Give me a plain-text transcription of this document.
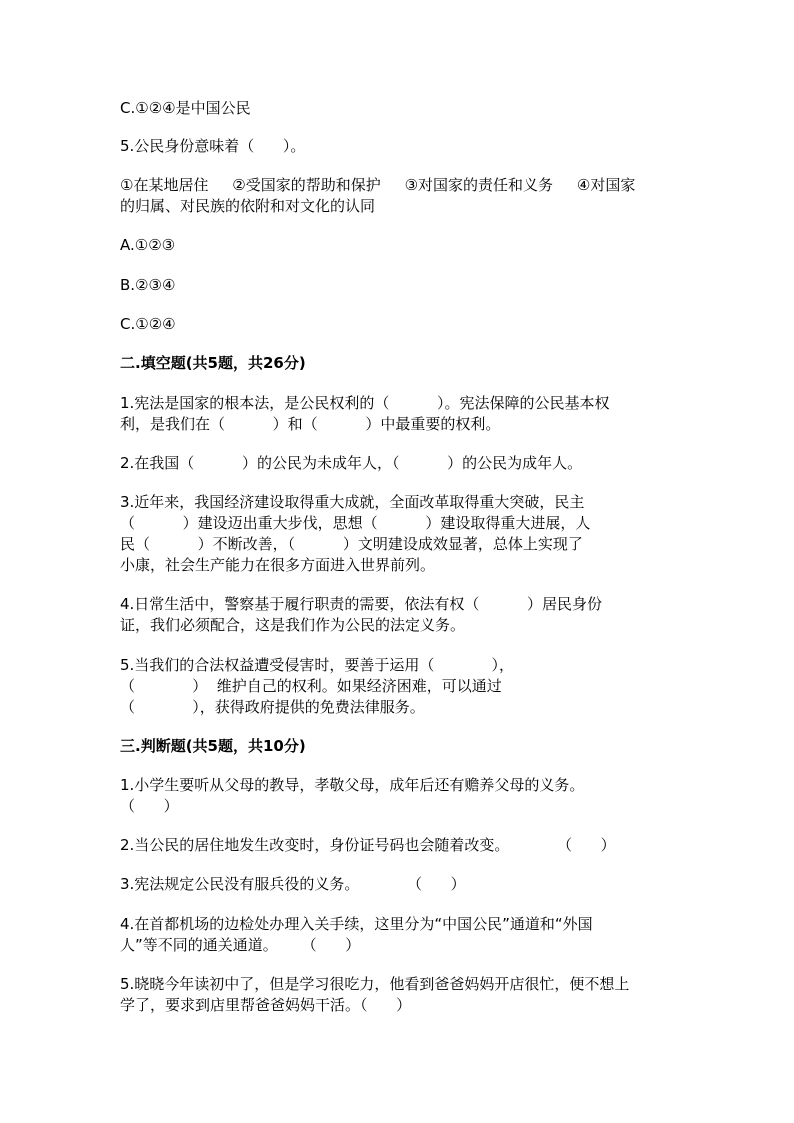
C.①②④是中国公民

5.公民身份意味着（      ）。

①在某地居住     ②受国家的帮助和保护     ③对国家的责任和义务     ④对国家

的归属、对民族的依附和对文化的认同

A.①②③

B.②③④

C.①②④

二.填空题(共5题，共26分)

1.宪法是国家的根本法，是公民权利的（          ）。宪法保障的公民基本权

利，是我们在（          ）和（          ）中最重要的权利。

2.在我国（          ）的公民为未成年人，（          ）的公民为成年人。

3.近年来，我国经济建设取得重大成就，全面改革取得重大突破，民主

（          ）建设迈出重大步伐，思想（          ）建设取得重大进展，人

民（          ）不断改善，（          ）文明建设成效显著，总体上实现了

小康，社会生产能力在很多方面进入世界前列。

4.日常生活中，警察基于履行职责的需要，依法有权（          ）居民身份

证，我们必须配合，这是我们作为公民的法定义务。

5.当我们的合法权益遭受侵害时，要善于运用（            ），

（            ）  维护自己的权利。如果经济困难，可以通过

（            ），获得政府提供的免费法律服务。

三.判断题(共5题，共10分)

1.小学生要听从父母的教导，孝敬父母，成年后还有赡养父母的义务。

（      ）

2.当公民的居住地发生改变时，身份证号码也会随着改变。          （      ）

3.宪法规定公民没有服兵役的义务。          （      ）

4.在首都机场的边检处办理入关手续，这里分为“中国公民”通道和“外国

人”等不同的通关通道。     （      ）

5.晓晓今年读初中了，但是学习很吃力，他看到爸爸妈妈开店很忙，便不想上

学了，要求到店里帮爸爸妈妈干活。（      ）
